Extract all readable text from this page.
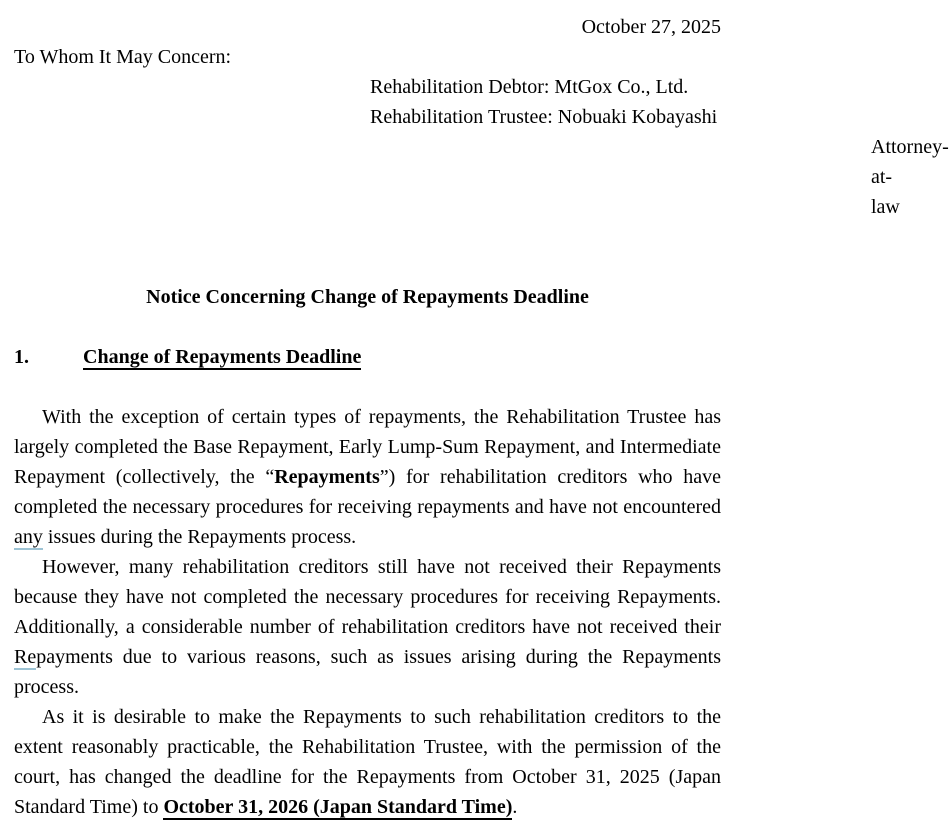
October 27, 2025
To Whom It May Concern:
Rehabilitation Debtor: MtGox Co., Ltd.
Rehabilitation Trustee: Nobuaki Kobayashi
Attorney-at-law
Notice Concerning Change of Repayments Deadline
1.	Change of Repayments Deadline

With the exception of certain types of repayments, the Rehabilitation Trustee has largely completed the Base Repayment, Early Lump-Sum Repayment, and Intermediate Repayment (collectively, the “Repayments”) for rehabilitation creditors who have completed the necessary procedures for receiving repayments and have not encountered any issues during the Repayments process.

However, many rehabilitation creditors still have not received their Repayments because they have not completed the necessary procedures for receiving Repayments. Additionally, a considerable number of rehabilitation creditors have not received their Repayments due to various reasons, such as issues arising during the Repayments process.

As it is desirable to make the Repayments to such rehabilitation creditors to the extent reasonably practicable, the Rehabilitation Trustee, with the permission of the court, has changed the deadline for the Repayments from October 31, 2025 (Japan Standard Time) to October 31, 2026 (Japan Standard Time).
